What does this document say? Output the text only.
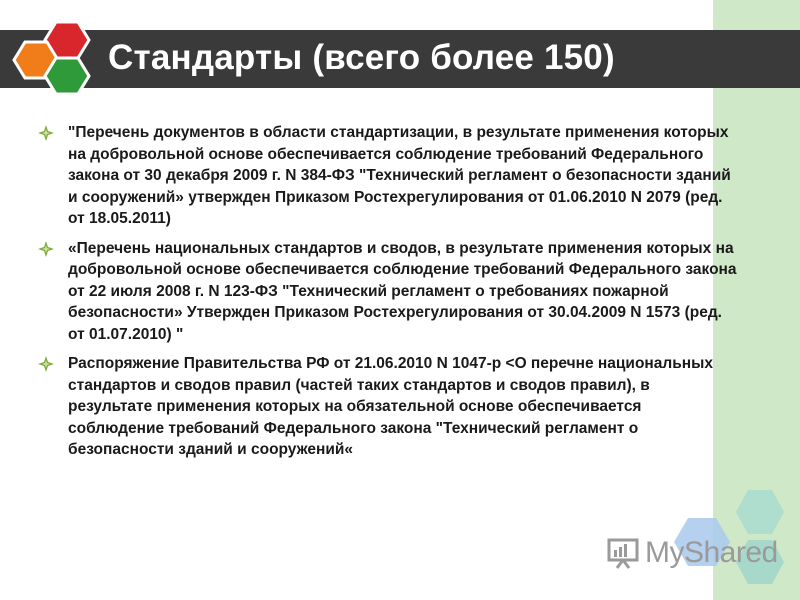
Стандарты (всего более 150)
"Перечень документов в области стандартизации, в результате применения которых на добровольной основе обеспечивается соблюдение требований Федерального закона от 30 декабря 2009 г. N 384-ФЗ "Технический регламент о безопасности зданий и сооружений» утвержден Приказом Ростехрегулирования от 01.06.2010 N 2079 (ред. от 18.05.2011)
«Перечень национальных стандартов и сводов, в результате применения которых на добровольной основе обеспечивается соблюдение требований Федерального закона от 22 июля 2008 г. N 123-ФЗ "Технический регламент о требованиях пожарной безопасности» Утвержден Приказом Ростехрегулирования от 30.04.2009 N 1573 (ред. от 01.07.2010) "
Распоряжение Правительства РФ от 21.06.2010 N 1047-р <О перечне национальных стандартов и сводов правил (частей таких стандартов и сводов правил), в результате применения которых на обязательной основе обеспечивается соблюдение требований Федерального закона "Технический регламент о безопасности зданий и сооружений«
MyShared
